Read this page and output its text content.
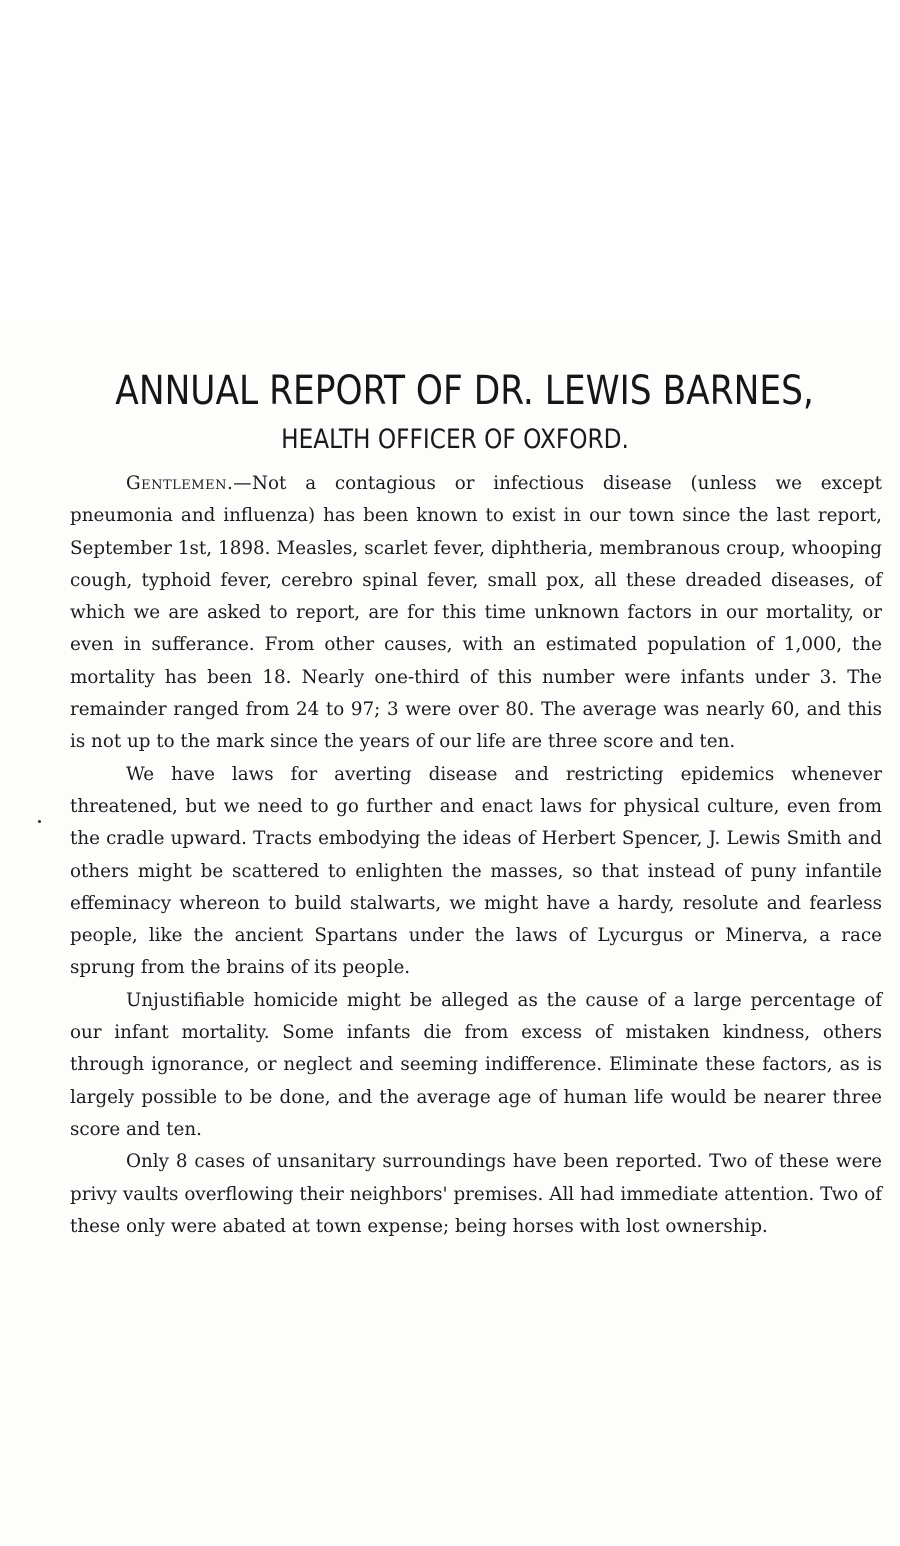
ANNUAL REPORT OF DR. LEWIS BARNES,
HEALTH OFFICER OF OXFORD.

Gentlemen.—Not a contagious or infectious disease (unless we except pneumonia and influenza) has been known to exist in our town since the last report, September 1st, 1898. Measles, scarlet fever, diphtheria, membranous croup, whooping cough, typhoid fever, cerebro spinal fever, small pox, all these dreaded diseases, of which we are asked to report, are for this time unknown factors in our mortality, or even in sufferance. From other causes, with an estimated population of 1,000, the mortality has been 18. Nearly one-third of this number were infants under 3. The remainder ranged from 24 to 97; 3 were over 80. The average was nearly 60, and this is not up to the mark since the years of our life are three score and ten.

We have laws for averting disease and restricting epidemics whenever threatened, but we need to go further and enact laws for physical culture, even from the cradle upward. Tracts embodying the ideas of Herbert Spencer, J. Lewis Smith and others might be scattered to enlighten the masses, so that instead of puny infantile effeminacy whereon to build stalwarts, we might have a hardy, resolute and fearless people, like the ancient Spartans under the laws of Lycurgus or Minerva, a race sprung from the brains of its people.

Unjustifiable homicide might be alleged as the cause of a large percentage of our infant mortality. Some infants die from excess of mistaken kindness, others through ignorance, or neglect and seeming indifference. Eliminate these factors, as is largely possible to be done, and the average age of human life would be nearer three score and ten.

Only 8 cases of unsanitary surroundings have been reported. Two of these were privy vaults overflowing their neighbors' premises. All had immediate attention. Two of these only were abated at town expense; being horses with lost ownership.
